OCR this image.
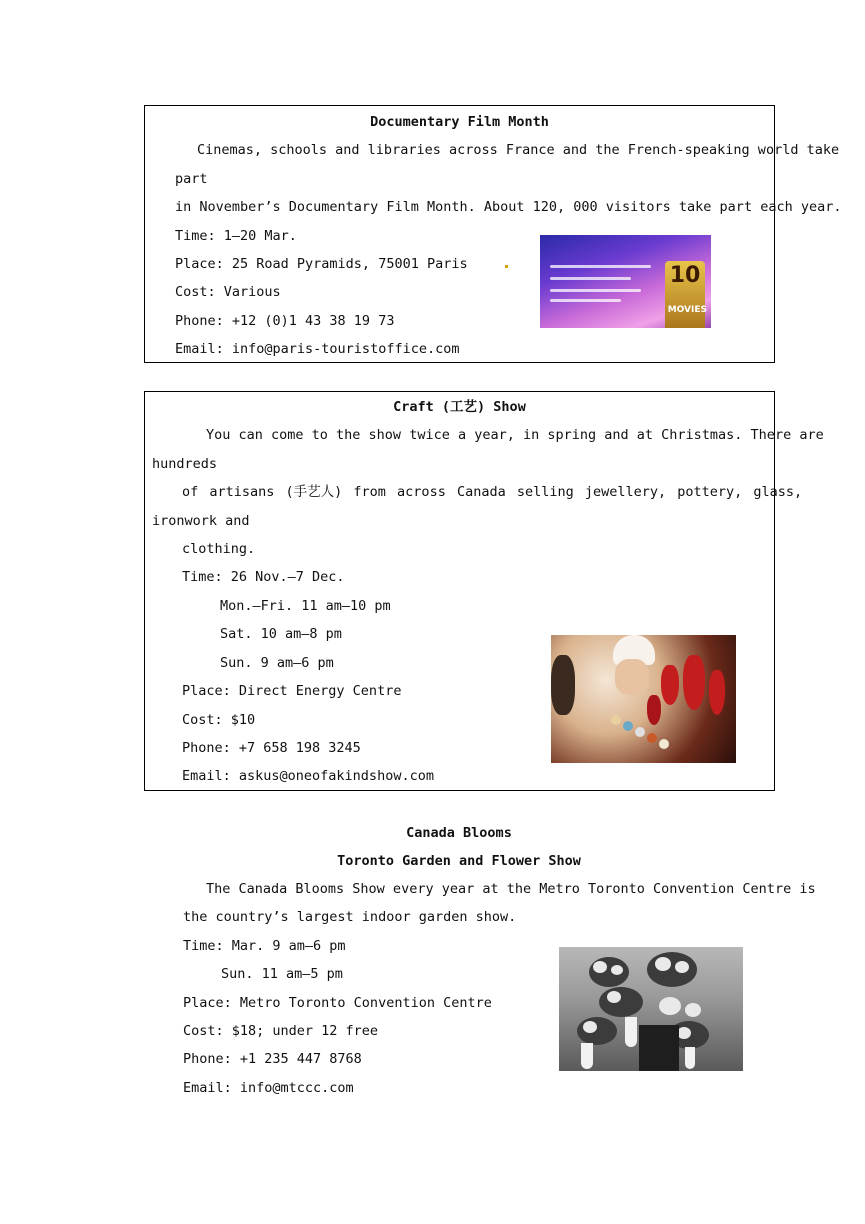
Documentary Film Month
Cinemas, schools and libraries across France and the French-speaking world take
part
in November’s Documentary Film Month. About 120, 000 visitors take part each year.
Time: 1—20 Mar.
Place: 25 Road Pyramids, 75001 Paris
Cost: Various
Phone: +12 (0)1 43 38 19 73
Email: info@paris-touristoffice.com
10
MOVIES
Craft (工艺) Show
You can come to the show twice a year, in spring and at Christmas. There are
hundreds
of artisans (手艺人) from across Canada selling jewellery, pottery, glass,
ironwork and
clothing.
Time: 26 Nov.—7 Dec.
Mon.—Fri. 11 am—10 pm
Sat. 10 am—8 pm
Sun. 9 am—6 pm
Place: Direct Energy Centre
Cost: $10
Phone: +7 658 198 3245
Email: askus@oneofakindshow.com
Canada Blooms
Toronto Garden and Flower Show
The Canada Blooms Show every year at the Metro Toronto Convention Centre is
the country’s largest indoor garden show.
Time: Mar. 9 am—6 pm
Sun. 11 am—5 pm
Place: Metro Toronto Convention Centre
Cost: $18; under 12 free
Phone: +1 235 447 8768
Email: info@mtccc.com
